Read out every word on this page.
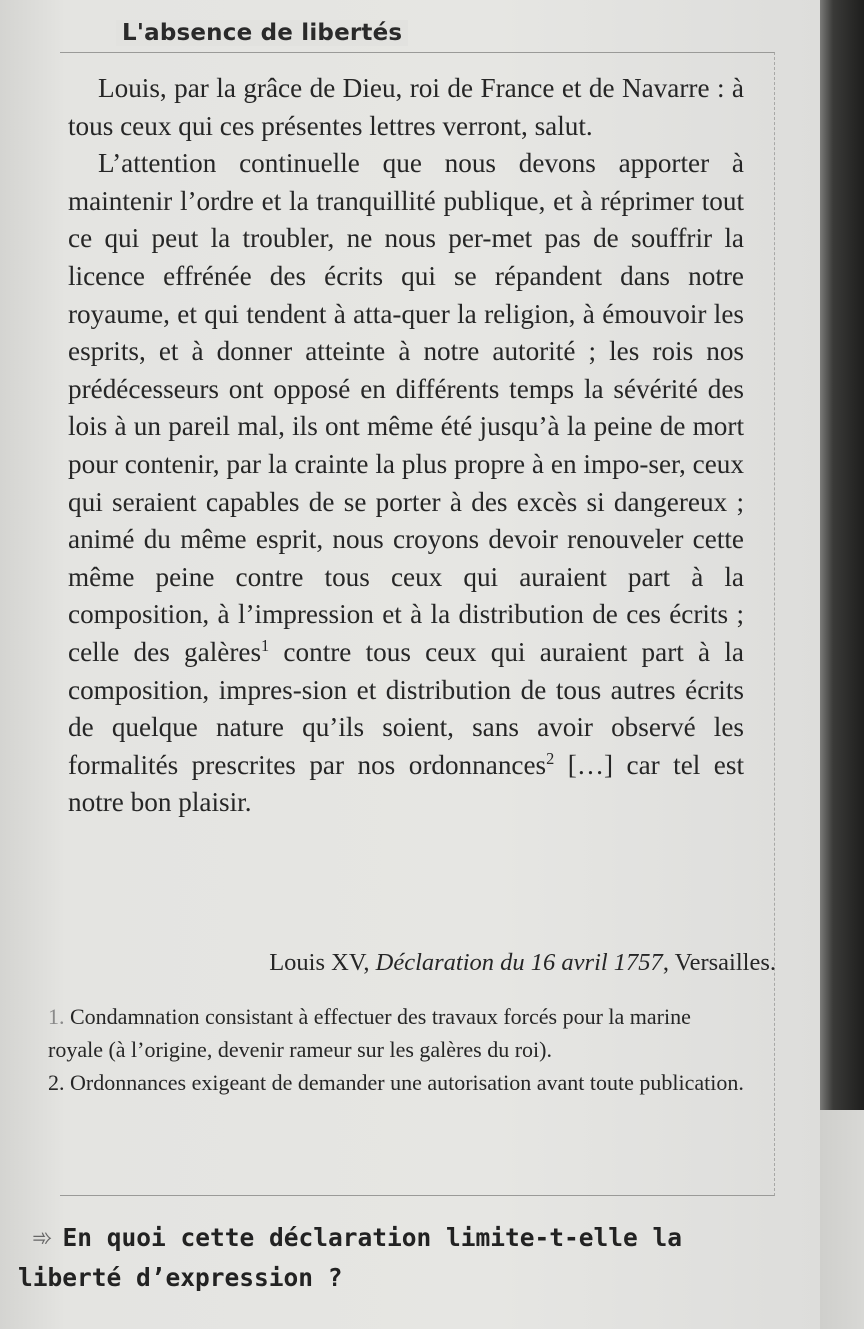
L'absence de libertés

Louis, par la grâce de Dieu, roi de France et de Navarre : à tous ceux qui ces présentes lettres verront, salut.

L’attention continuelle que nous devons apporter à maintenir l’ordre et la tranquillité publique, et à réprimer tout ce qui peut la troubler, ne nous per-met pas de souffrir la licence effrénée des écrits qui se répandent dans notre royaume, et qui tendent à atta-quer la religion, à émouvoir les esprits, et à donner atteinte à notre autorité ; les rois nos prédécesseurs ont opposé en différents temps la sévérité des lois à un pareil mal, ils ont même été jusqu’à la peine de mort pour contenir, par la crainte la plus propre à en impo-ser, ceux qui seraient capables de se porter à des excès si dangereux ; animé du même esprit, nous croyons devoir renouveler cette même peine contre tous ceux qui auraient part à la composition, à l’impression et à la distribution de ces écrits ; celle des galères$^1$ contre tous ceux qui auraient part à la composition, impres-sion et distribution de tous autres écrits de quelque nature qu’ils soient, sans avoir observé les formalités prescrites par nos ordonnances$^2$ […] car tel est notre bon plaisir.

Louis XV, Déclaration du 16 avril 1757, Versailles.

1. Condamnation consistant à effectuer des travaux forcés pour la marine royale (à l’origine, devenir rameur sur les galères du roi).

2. Ordonnances exigeant de demander une autorisation avant toute publication.

➾ En quoi cette déclaration limite-t-elle la liberté d’expression ?
